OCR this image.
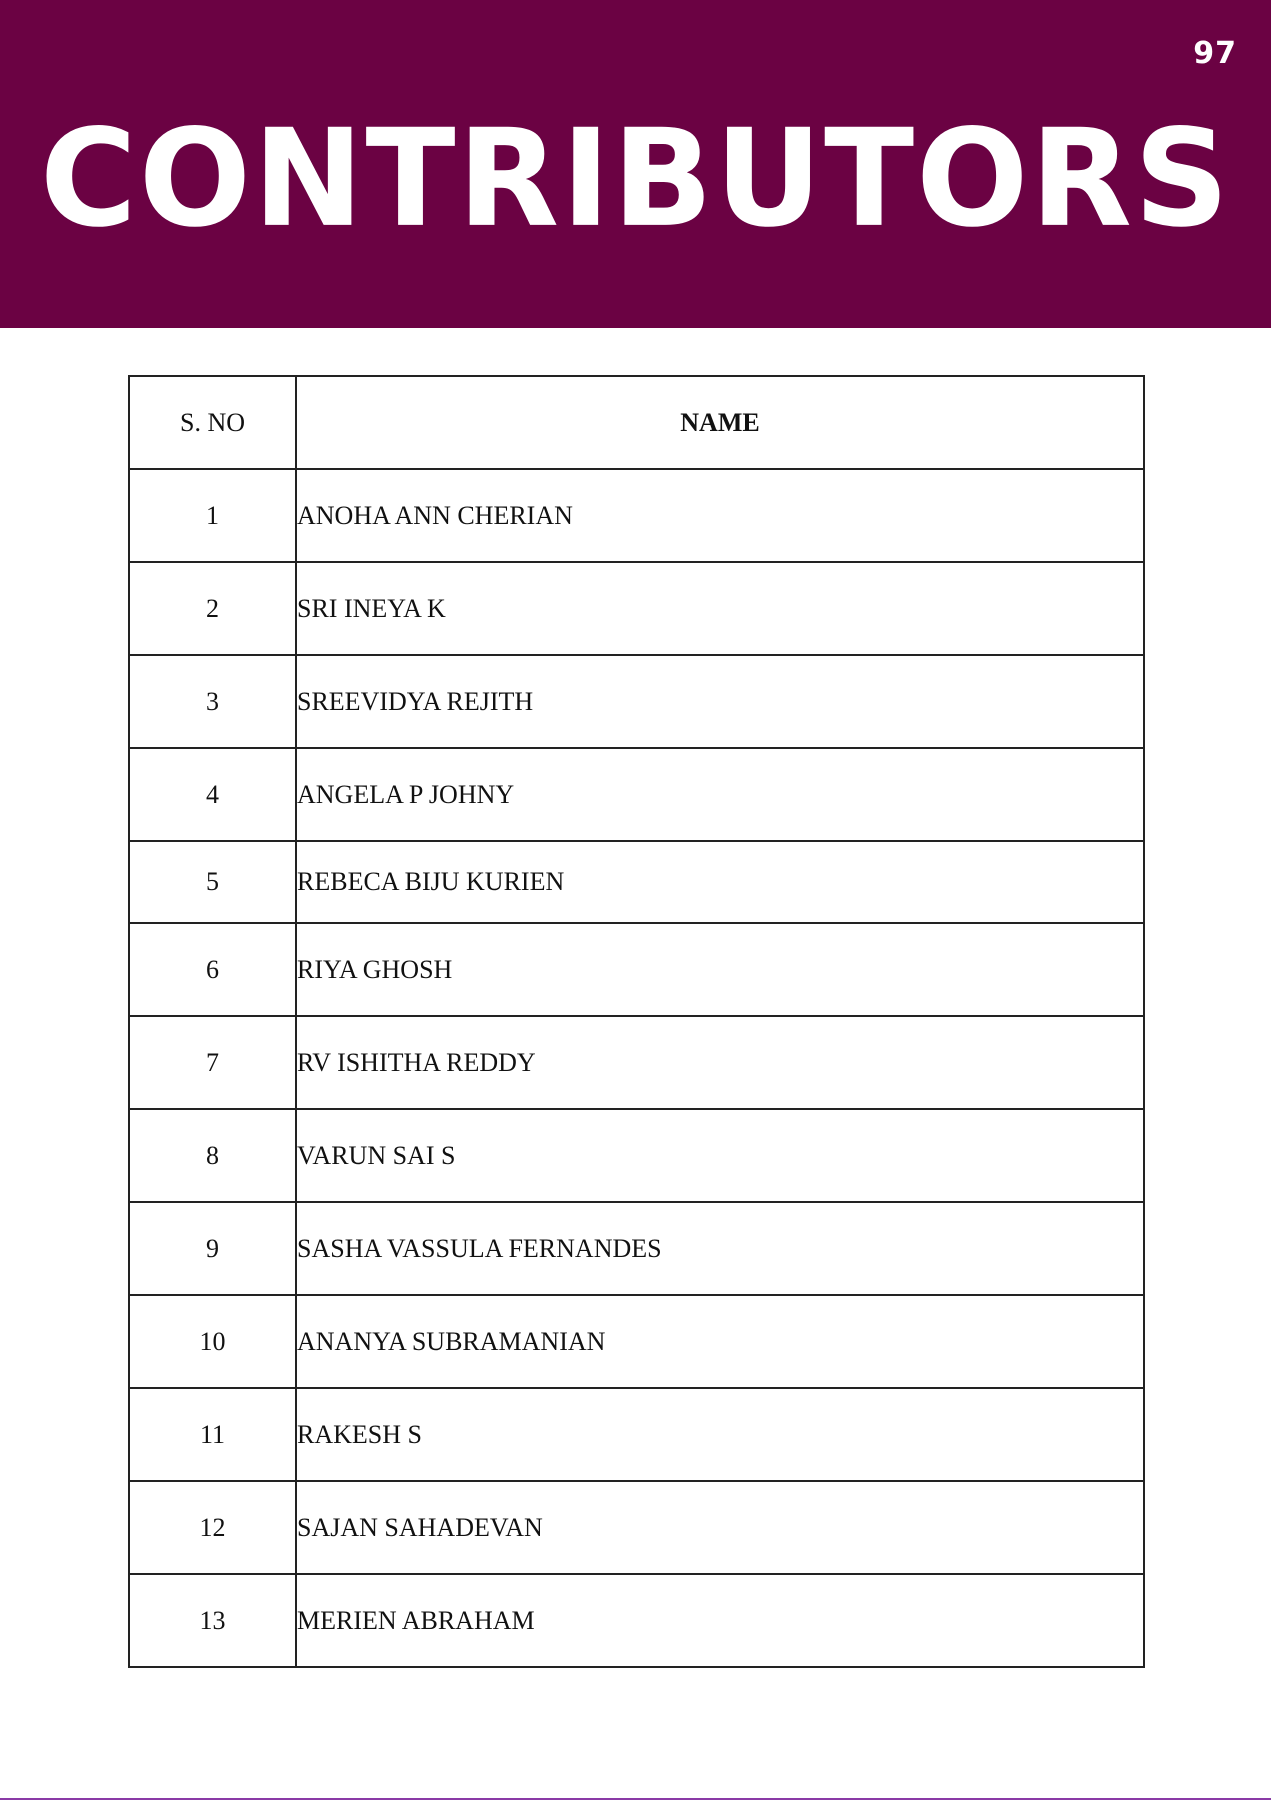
97
CONTRIBUTORS
S. NO	NAME
1	ANOHA ANN CHERIAN
2	SRI INEYA K
3	SREEVIDYA REJITH
4	ANGELA P JOHNY
5	REBECA BIJU KURIEN
6	RIYA GHOSH
7	RV ISHITHA REDDY
8	VARUN SAI S
9	SASHA VASSULA FERNANDES
10	ANANYA SUBRAMANIAN
11	RAKESH S
12	SAJAN SAHADEVAN
13	MERIEN ABRAHAM
